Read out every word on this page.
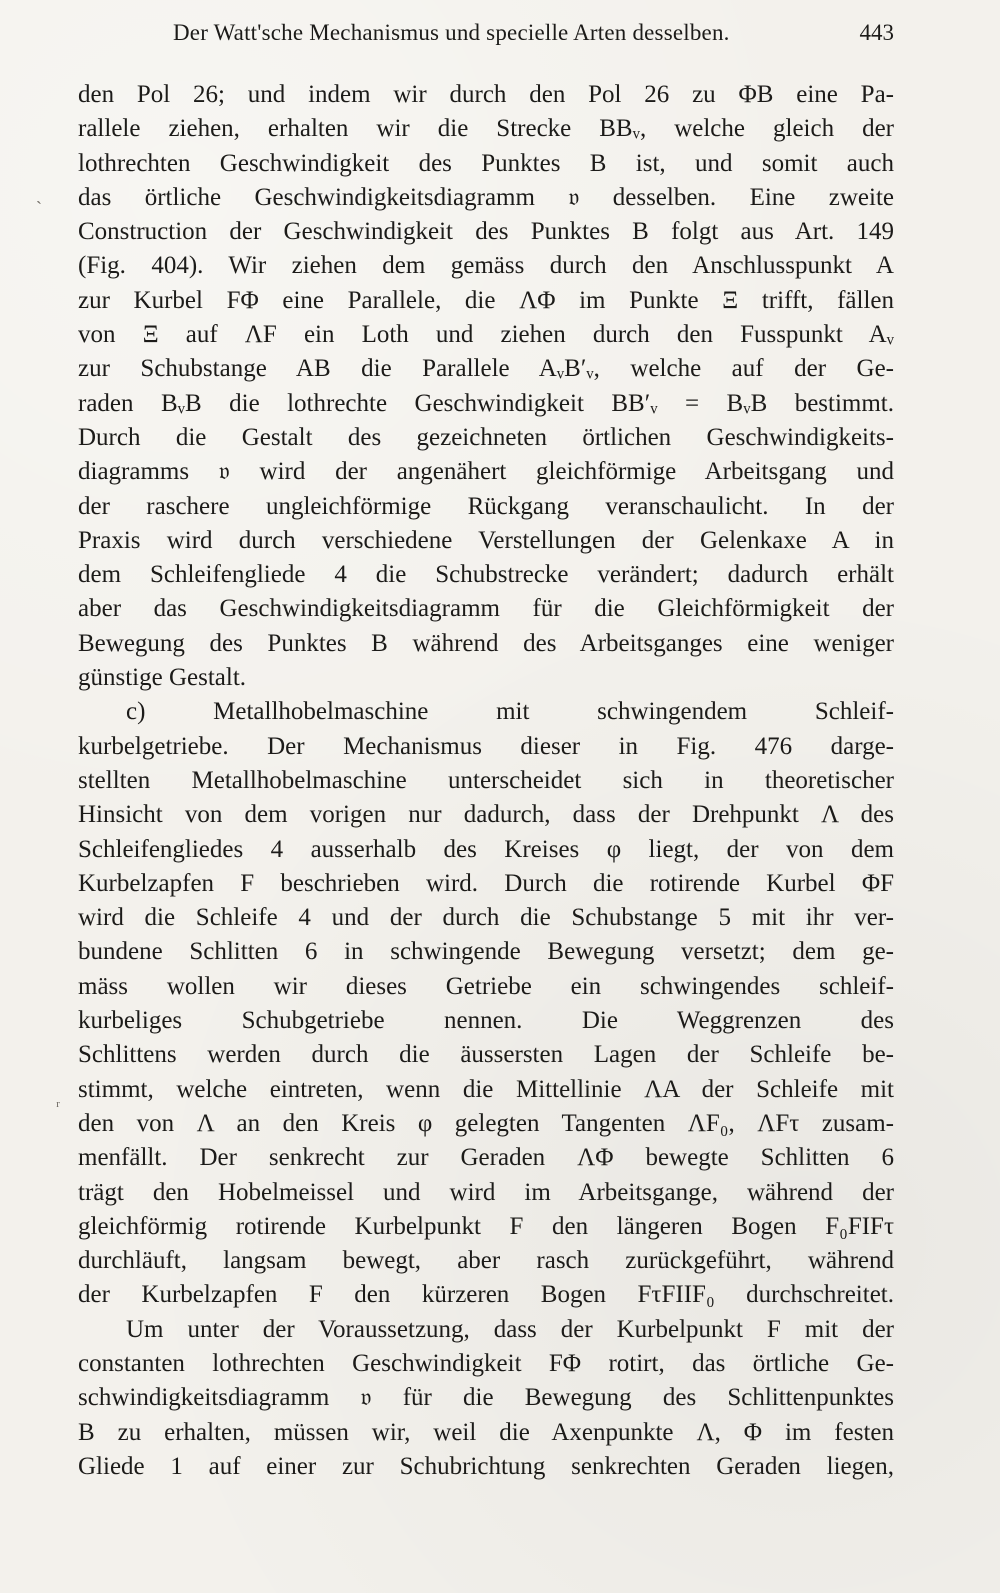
ˎ
ʳ
Der Watt'sche Mechanismus und specielle Arten desselben.	443
den Pol 26; und indem wir durch den Pol 26 zu ΦB eine Pa-
rallele ziehen, erhalten wir die Strecke BBᵥ, welche gleich der
lothrechten Geschwindigkeit des Punktes B ist, und somit auch
das örtliche Geschwindigkeitsdiagramm 𝔳 desselben. Eine zweite
Construction der Geschwindigkeit des Punktes B folgt aus Art. 149
(Fig. 404). Wir ziehen dem gemäss durch den Anschlusspunkt A
zur Kurbel FΦ eine Parallele, die ΛΦ im Punkte Ξ trifft, fällen
von Ξ auf ΛF ein Loth und ziehen durch den Fusspunkt Aᵥ
zur Schubstange AB die Parallele AᵥB′ᵥ, welche auf der Ge-
raden BᵥB die lothrechte Geschwindigkeit BB′ᵥ = BᵥB bestimmt.
Durch die Gestalt des gezeichneten örtlichen Geschwindigkeits-
diagramms 𝔳 wird der angenähert gleichförmige Arbeitsgang und
der raschere ungleichförmige Rückgang veranschaulicht. In der
Praxis wird durch verschiedene Verstellungen der Gelenkaxe A in
dem Schleifengliede 4 die Schubstrecke verändert; dadurch erhält
aber das Geschwindigkeitsdiagramm für die Gleichförmigkeit der
Bewegung des Punktes B während des Arbeitsganges eine weniger
günstige Gestalt.
c) Metallhobelmaschine mit schwingendem Schleif-
kurbelgetriebe. Der Mechanismus dieser in Fig. 476 darge-
stellten Metallhobelmaschine unterscheidet sich in theoretischer
Hinsicht von dem vorigen nur dadurch, dass der Drehpunkt Λ des
Schleifengliedes 4 ausserhalb des Kreises φ liegt, der von dem
Kurbelzapfen F beschrieben wird. Durch die rotirende Kurbel ΦF
wird die Schleife 4 und der durch die Schubstange 5 mit ihr ver-
bundene Schlitten 6 in schwingende Bewegung versetzt; dem ge-
mäss wollen wir dieses Getriebe ein schwingendes schleif-
kurbeliges Schubgetriebe nennen. Die Weggrenzen des
Schlittens werden durch die äussersten Lagen der Schleife be-
stimmt, welche eintreten, wenn die Mittellinie ΛA der Schleife mit
den von Λ an den Kreis φ gelegten Tangenten ΛF₀, ΛFτ zusam-
menfällt. Der senkrecht zur Geraden ΛΦ bewegte Schlitten 6
trägt den Hobelmeissel und wird im Arbeitsgange, während der
gleichförmig rotirende Kurbelpunkt F den längeren Bogen F₀FIFτ
durchläuft, langsam bewegt, aber rasch zurückgeführt, während
der Kurbelzapfen F den kürzeren Bogen FτFIIF₀ durchschreitet.
Um unter der Voraussetzung, dass der Kurbelpunkt F mit der
constanten lothrechten Geschwindigkeit FΦ rotirt, das örtliche Ge-
schwindigkeitsdiagramm 𝔳 für die Bewegung des Schlittenpunktes
B zu erhalten, müssen wir, weil die Axenpunkte Λ, Φ im festen
Gliede 1 auf einer zur Schubrichtung senkrechten Geraden liegen,
